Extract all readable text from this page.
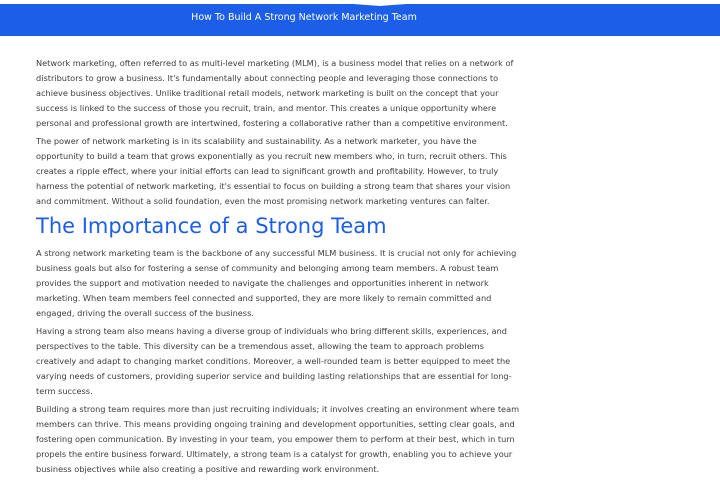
How To Build A Strong Network Marketing Team

Network marketing, often referred to as multi-level marketing (MLM), is a business model that relies on a network of distributors to grow a business. It's fundamentally about connecting people and leveraging those connections to achieve business objectives. Unlike traditional retail models, network marketing is built on the concept that your success is linked to the success of those you recruit, train, and mentor. This creates a unique opportunity where personal and professional growth are intertwined, fostering a collaborative rather than a competitive environment.

The power of network marketing is in its scalability and sustainability. As a network marketer, you have the opportunity to build a team that grows exponentially as you recruit new members who, in turn, recruit others. This creates a ripple effect, where your initial efforts can lead to significant growth and profitability. However, to truly harness the potential of network marketing, it's essential to focus on building a strong team that shares your vision and commitment. Without a solid foundation, even the most promising network marketing ventures can falter.

The Importance of a Strong Team

A strong network marketing team is the backbone of any successful MLM business. It is crucial not only for achieving business goals but also for fostering a sense of community and belonging among team members. A robust team provides the support and motivation needed to navigate the challenges and opportunities inherent in network marketing. When team members feel connected and supported, they are more likely to remain committed and engaged, driving the overall success of the business.

Having a strong team also means having a diverse group of individuals who bring different skills, experiences, and perspectives to the table. This diversity can be a tremendous asset, allowing the team to approach problems creatively and adapt to changing market conditions. Moreover, a well-rounded team is better equipped to meet the varying needs of customers, providing superior service and building lasting relationships that are essential for long-term success.

Building a strong team requires more than just recruiting individuals; it involves creating an environment where team members can thrive. This means providing ongoing training and development opportunities, setting clear goals, and fostering open communication. By investing in your team, you empower them to perform at their best, which in turn propels the entire business forward. Ultimately, a strong team is a catalyst for growth, enabling you to achieve your business objectives while also creating a positive and rewarding work environment.
